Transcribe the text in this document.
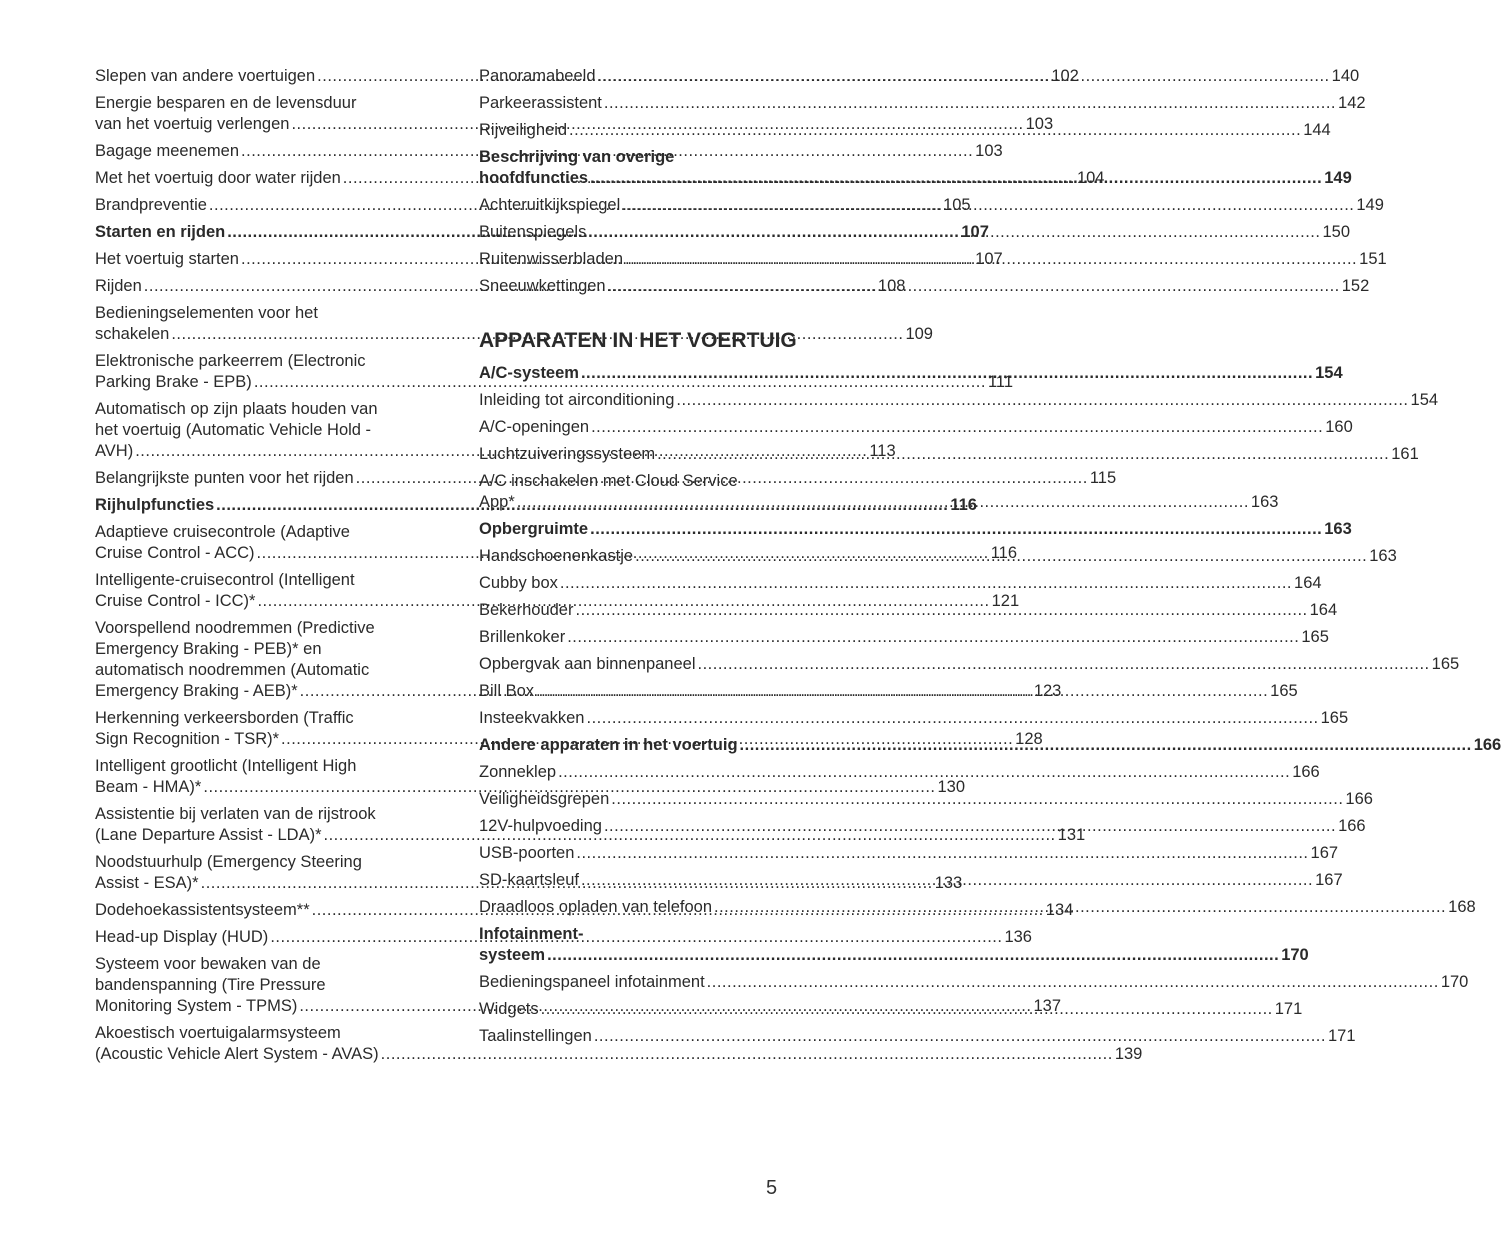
Slepen van andere voertuigen .....	102
Energie besparen en de levensduur
van het voertuig verlengen .....	103
Bagage meenemen .....	103
Met het voertuig door water rijden .....	104
Brandpreventie .....	105
Starten en rijden .....	107
Het voertuig starten .....	107
Rijden .....	108
Bedieningselementen voor het
schakelen .....	109
Elektronische parkeerrem (Electronic
Parking Brake - EPB) .....	111
Automatisch op zijn plaats houden van
het voertuig (Automatic Vehicle Hold -
AVH) .....	113
Belangrijkste punten voor het rijden .....	115
Rijhulpfuncties .....	116
Adaptieve cruisecontrole (Adaptive
Cruise Control - ACC) .....	116
Intelligente-cruisecontrol (Intelligent
Cruise Control - ICC)* .....	121
Voorspellend noodremmen (Predictive
Emergency Braking - PEB)* en
automatisch noodremmen (Automatic
Emergency Braking - AEB)* .....	123
Herkenning verkeersborden (Traffic
Sign Recognition - TSR)* .....	128
Intelligent grootlicht (Intelligent High
Beam - HMA)* .....	130
Assistentie bij verlaten van de rijstrook
(Lane Departure Assist - LDA)* .....	131
Noodstuurhulp (Emergency Steering
Assist - ESA)* .....	133
Dodehoekassistentsysteem** .....	134
Head-up Display (HUD) .....	136
Systeem voor bewaken van de
bandenspanning (Tire Pressure
Monitoring System - TPMS) .....	137
Akoestisch voertuigalarmsysteem
(Acoustic Vehicle Alert System - AVAS) .....	139
Panoramabeeld .....	140
Parkeerassistent .....	142
Rijveiligheid .....	144
Beschrijving van overige
hoofdfuncties .....	149
Achteruitkijkspiegel .....	149
Buitenspiegels .....	150
Ruitenwisserbladen .....	151
Sneeuwkettingen .....	152
APPARATEN IN HET VOERTUIG
A/C-systeem .....	154
Inleiding tot airconditioning .....	154
A/C-openingen .....	160
Luchtzuiveringssysteem .....	161
A/C inschakelen met Cloud Service
App* .....	163
Opbergruimte .....	163
Handschoenenkastje .....	163
Cubby box .....	164
Bekerhouder .....	164
Brillenkoker .....	165
Opbergvak aan binnenpaneel .....	165
Bill Box .....	165
Insteekvakken .....	165
Andere apparaten in het voertuig .....	166
Zonneklep .....	166
Veiligheidsgrepen .....	166
12V-hulpvoeding .....	166
USB-poorten .....	167
SD-kaartsleuf .....	167
Draadloos opladen van telefoon .....	168
Infotainment-
systeem .....	170
Bedieningspaneel infotainment .....	170
Widgets .....	171
Taalinstellingen .....	171
5
